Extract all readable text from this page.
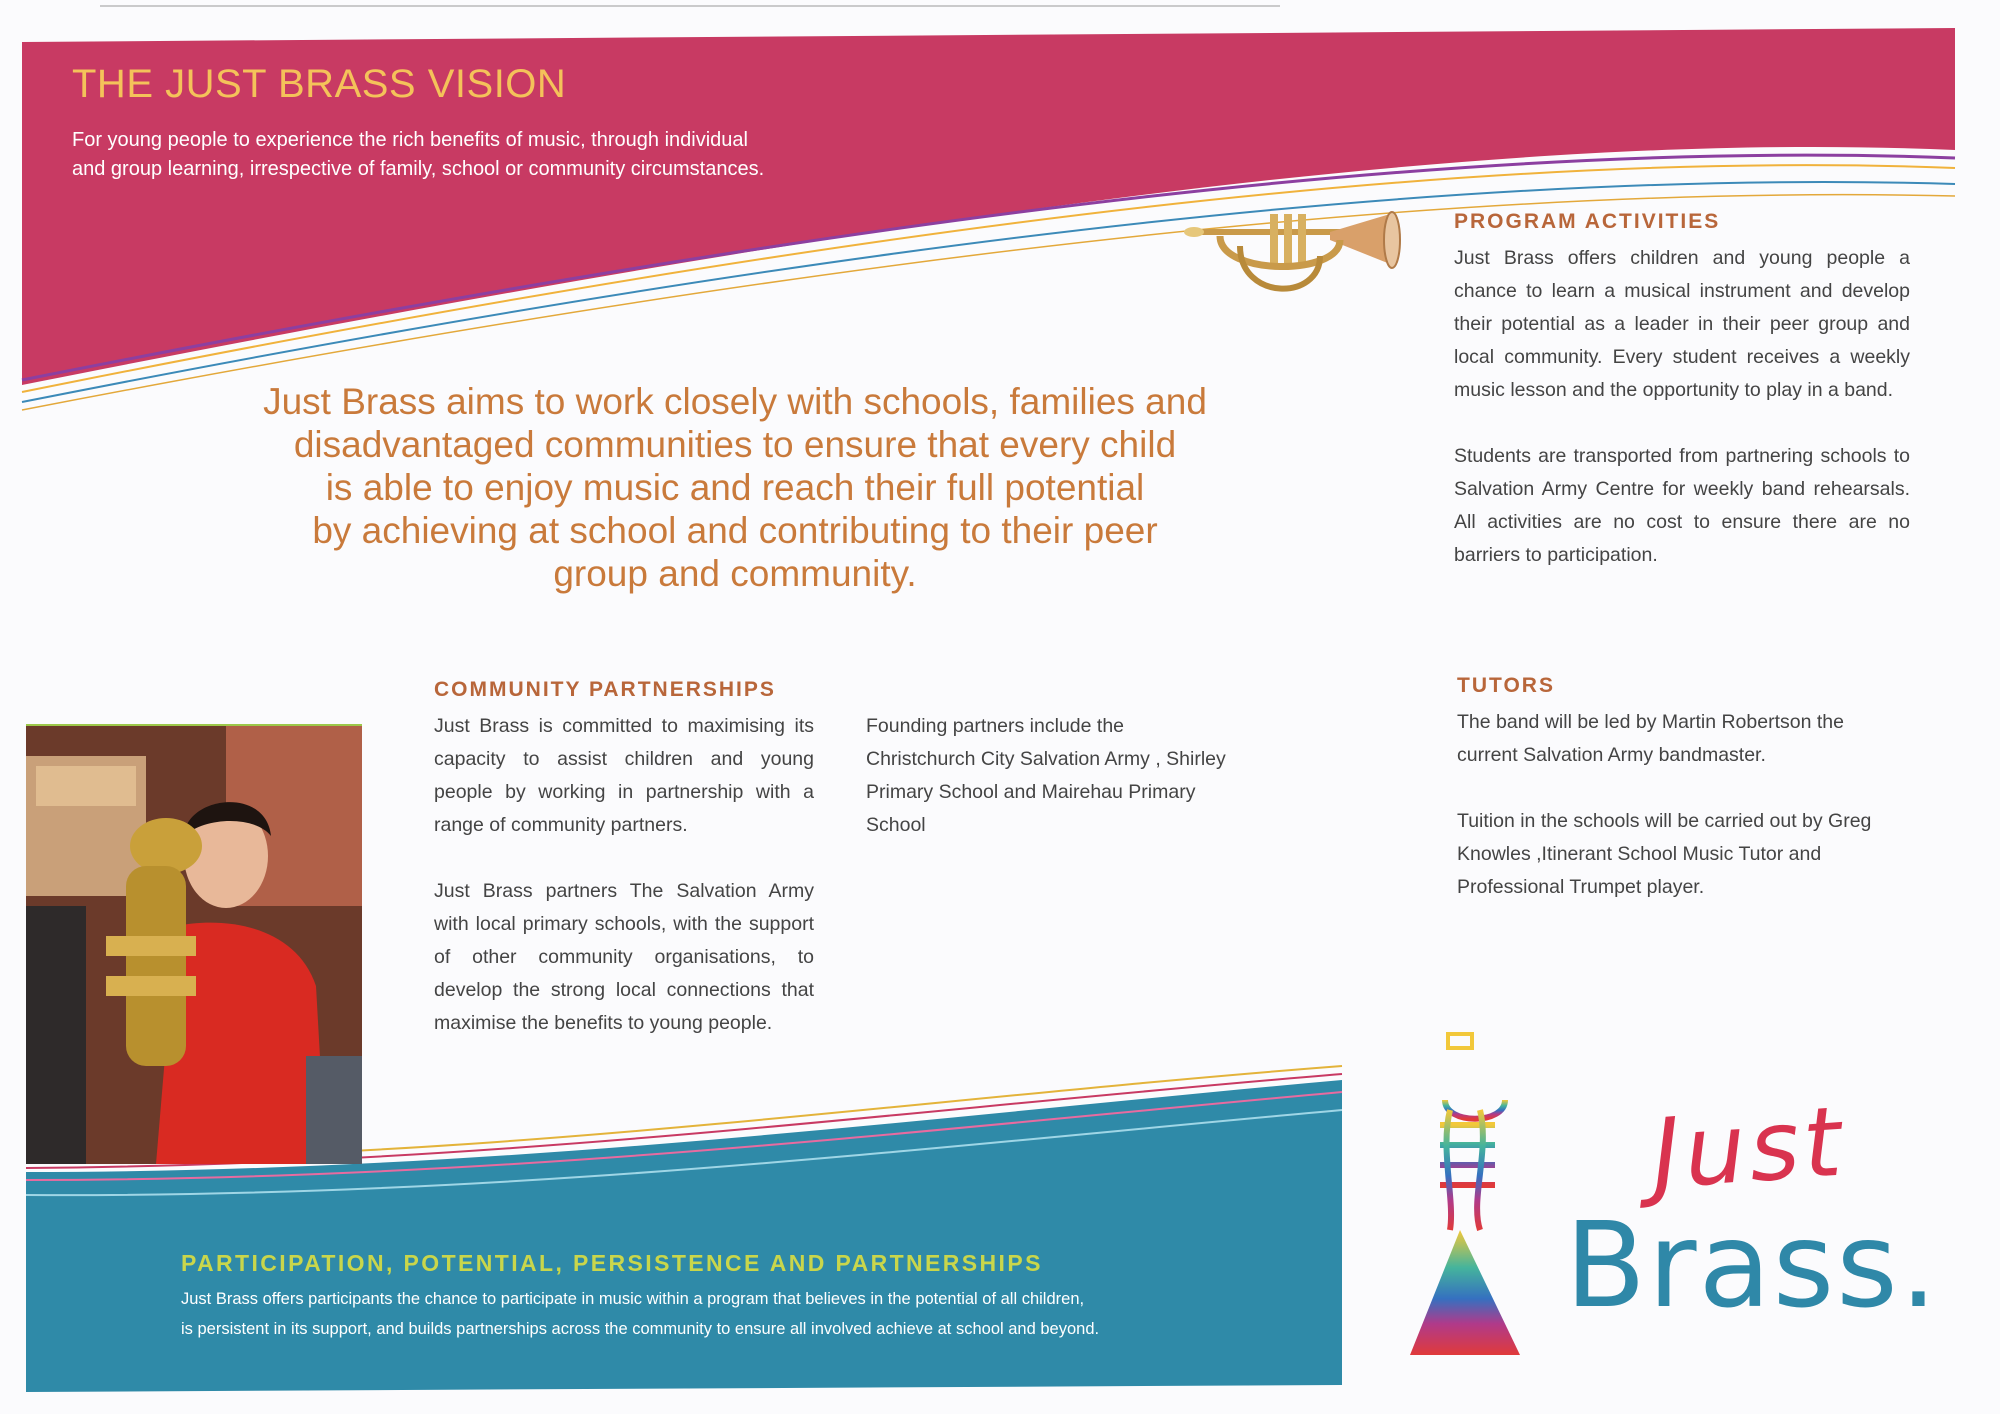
THE JUST BRASS VISION
For young people to experience the rich benefits of music, through individual
and group learning, irrespective of family, school or community circumstances.
Just Brass aims to work closely with schools, families and
disadvantaged communities to ensure that every child
is able to enjoy music and reach their full potential
by achieving at school and contributing to their peer
group and community.
PROGRAM ACTIVITIES
Just Brass offers children and young people a chance to learn a musical instrument and develop their potential as a leader in their peer group and local community. Every student receives a weekly music lesson and the opportunity to play in a band.
Students are transported from partnering schools to Salvation Army Centre for weekly band rehearsals. All activities are no cost to ensure there are no barriers to participation.
TUTORS
The band will be led by Martin Robertson the current Salvation Army bandmaster.
Tuition in the schools will be carried out by Greg Knowles ,Itinerant School Music Tutor and Professional Trumpet player.
COMMUNITY PARTNERSHIPS
Just Brass is committed to maximising its capacity to assist children and young people by working in partnership with a range of community partners.
Just Brass partners The Salvation Army with local primary schools, with the support of other community organisations, to develop the strong local connections that maximise the benefits to young people.
Founding partners include the Christchurch City Salvation Army , Shirley Primary School and Mairehau Primary School
PARTICIPATION, POTENTIAL, PERSISTENCE AND PARTNERSHIPS
Just Brass offers participants the chance to participate in music within a program that believes in the potential of all children,
is persistent in its support, and builds partnerships across the community to ensure all involved achieve at school and beyond.
Just
Brass.
